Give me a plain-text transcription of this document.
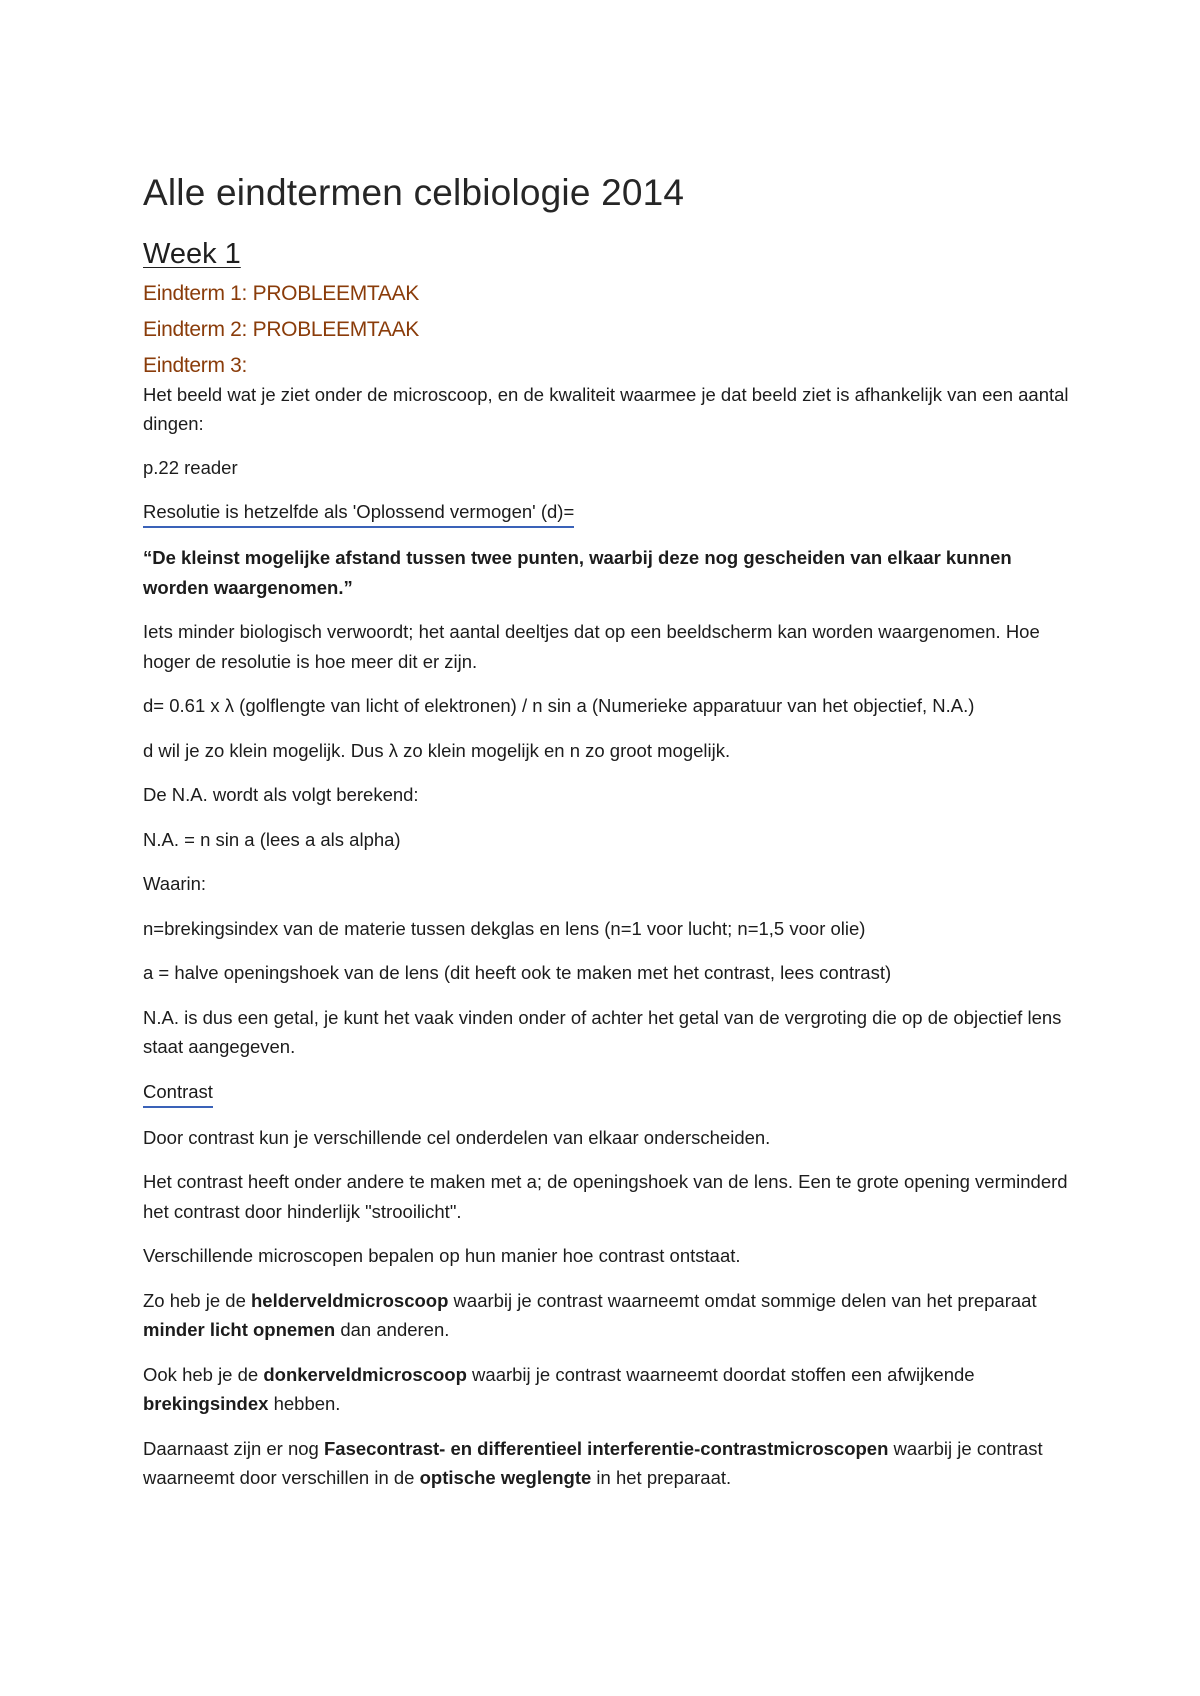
Alle eindtermen celbiologie 2014
Week 1
Eindterm 1: PROBLEEMTAAK
Eindterm 2: PROBLEEMTAAK
Eindterm 3:

Het beeld wat je ziet onder de microscoop, en de kwaliteit waarmee je dat beeld ziet is afhankelijk van een aantal dingen:

p.22 reader

Resolutie is hetzelfde als 'Oplossend vermogen' (d)=

“De kleinst mogelijke afstand tussen twee punten, waarbij deze nog gescheiden van elkaar kunnen worden waargenomen.”

Iets minder biologisch verwoordt; het aantal deeltjes dat op een beeldscherm kan worden waargenomen. Hoe hoger de resolutie is hoe meer dit er zijn.

d= 0.61 x λ (golflengte van licht of elektronen) / n sin a (Numerieke apparatuur van het objectief, N.A.)

d wil je zo klein mogelijk. Dus λ zo klein mogelijk en n zo groot mogelijk.

De N.A. wordt als volgt berekend:

N.A. = n sin a (lees a als alpha)

Waarin:

n=brekingsindex van de materie tussen dekglas en lens (n=1 voor lucht; n=1,5 voor olie)

a = halve openingshoek van de lens (dit heeft ook te maken met het contrast, lees contrast)

N.A. is dus een getal, je kunt het vaak vinden onder of achter het getal van de vergroting die op de objectief lens staat aangegeven.

Contrast

Door contrast kun je verschillende cel onderdelen van elkaar onderscheiden.

Het contrast heeft onder andere te maken met a; de openingshoek van de lens. Een te grote opening verminderd het contrast door hinderlijk "strooilicht".

Verschillende microscopen bepalen op hun manier hoe contrast ontstaat.

Zo heb je de helderveldmicroscoop waarbij je contrast waarneemt omdat sommige delen van het preparaat minder licht opnemen dan anderen.

Ook heb je de donkerveldmicroscoop waarbij je contrast waarneemt doordat stoffen een afwijkende brekingsindex hebben.

Daarnaast zijn er nog Fasecontrast- en differentieel interferentie-contrastmicroscopen waarbij je contrast waarneemt door verschillen in de optische weglengte in het preparaat.
